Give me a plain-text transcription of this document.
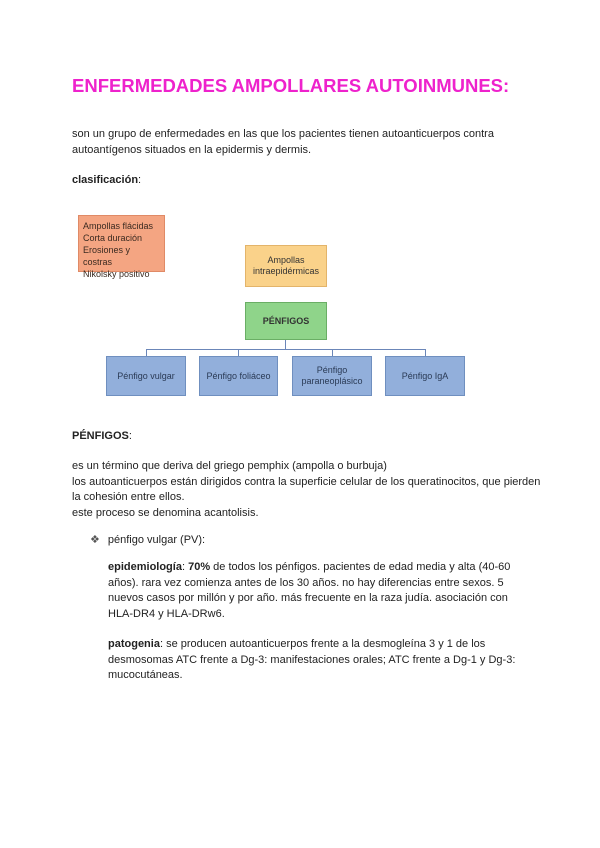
ENFERMEDADES AMPOLLARES AUTOINMUNES:
son un grupo de enfermedades en las que los pacientes tienen autoanticuerpos contra autoantígenos situados en la epidermis y dermis.
clasificación:
Ampollas flácidas
Corta duración
Erosiones y costras
Nikolsky positivo
Ampollas
intraepidérmicas
PÉNFIGOS
Pénfigo vulgar	Pénfigo foliáceo
Pénfigo paraneoplásico
Pénfigo IgA
PÉNFIGOS:
es un término que deriva del griego pemphix (ampolla o burbuja)
los autoanticuerpos están dirigidos contra la superficie celular de los queratinocitos, que pierden la cohesión entre ellos.
este proceso se denomina acantolisis.
❖ pénfigo vulgar (PV):
epidemiología: 70% de todos los pénfigos. pacientes de edad media y alta (40-60 años). rara vez comienza antes de los 30 años. no hay diferencias entre sexos. 5 nuevos casos por millón y por año. más frecuente en la raza judía. asociación con HLA-DR4 y HLA-DRw6.
patogenia: se producen autoanticuerpos frente a la desmogleína 3 y 1 de los desmosomas ATC frente a Dg-3: manifestaciones orales; ATC frente a Dg-1 y Dg-3: mucocutáneas.
